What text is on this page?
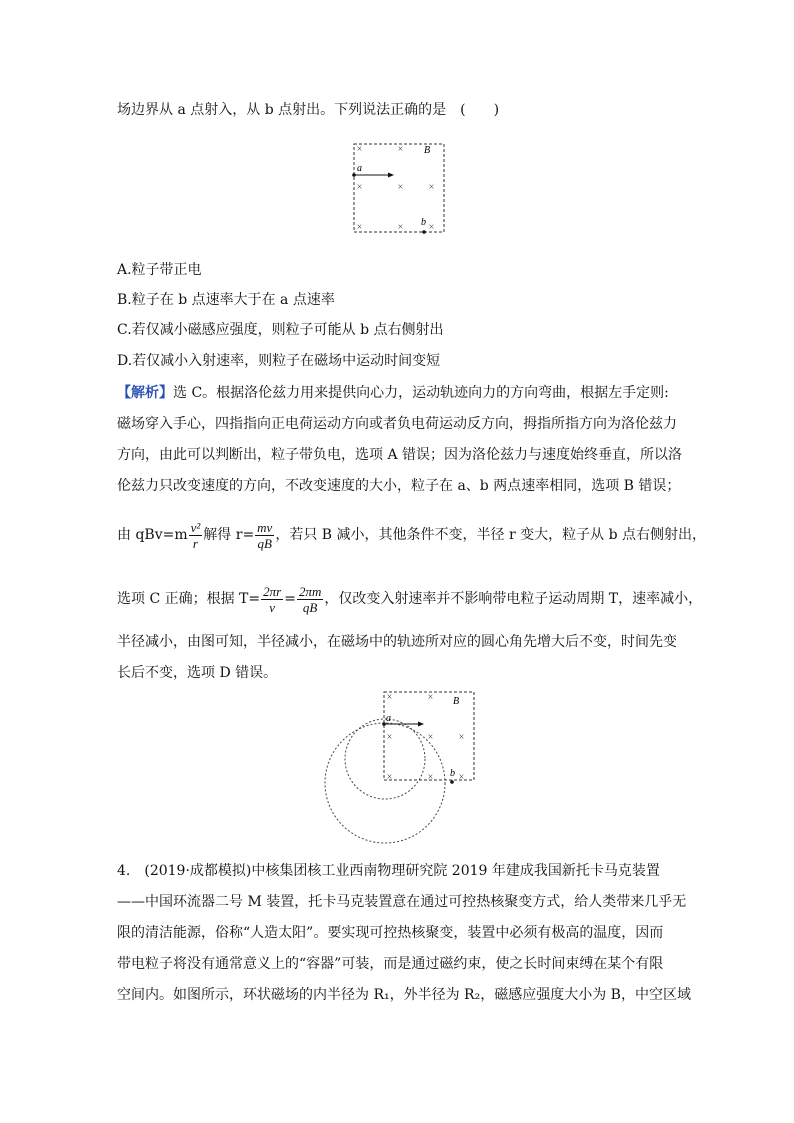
场边界从 a 点射入，从 b 点射出。下列说法正确的是　(　　)
×	×
×	× ×
×	× ×
B
a
b
A.粒子带正电
B.粒子在 b 点速率大于在 a 点速率
C.若仅减小磁感应强度，则粒子可能从 b 点右侧射出
D.若仅减小入射速率，则粒子在磁场中运动时间变短
【解析】选 C。根据洛伦兹力用来提供向心力，运动轨迹向力的方向弯曲，根据左手定则:
磁场穿入手心，四指指向正电荷运动方向或者负电荷运动反方向，拇指所指方向为洛伦兹力
方向，由此可以判断出，粒子带负电，选项 A 错误；因为洛伦兹力与速度始终垂直，所以洛
伦兹力只改变速度的方向，不改变速度的大小，粒子在 a、b 两点速率相同，选项 B 错误；
由 $qBv=m \frac{\text{v²}}{r}$ 解得 $r= \frac{mv}{qB}$ ，若只 B 减小，其他条件不变，半径 r 变大，粒子从 b 点右侧射出，
选项 C 正确；根据 $T= \frac{2\pi r}{v} = \frac{2\pi m}{qB}$ ，仅改变入射速率并不影响带电粒子运动周期 T，速率减小，
半径减小，由图可知，半径减小，在磁场中的轨迹所对应的圆心角先增大后不变，时间先变
长后不变，选项 D 错误。
×	×
×	× ×
×	× ×
B
a
b
4.　(2019·成都模拟)中核集团核工业西南物理研究院 2019 年建成我国新托卡马克装置
——中国环流器二号 M 装置，托卡马克装置意在通过可控热核聚变方式，给人类带来几乎无
限的清洁能源，俗称“人造太阳”。要实现可控热核聚变，装置中必须有极高的温度，因而
带电粒子将没有通常意义上的“容器”可装，而是通过磁约束，使之长时间束缚在某个有限
空间内。如图所示，环状磁场的内半径为 R₁，外半径为 R₂，磁感应强度大小为 B，中空区域
